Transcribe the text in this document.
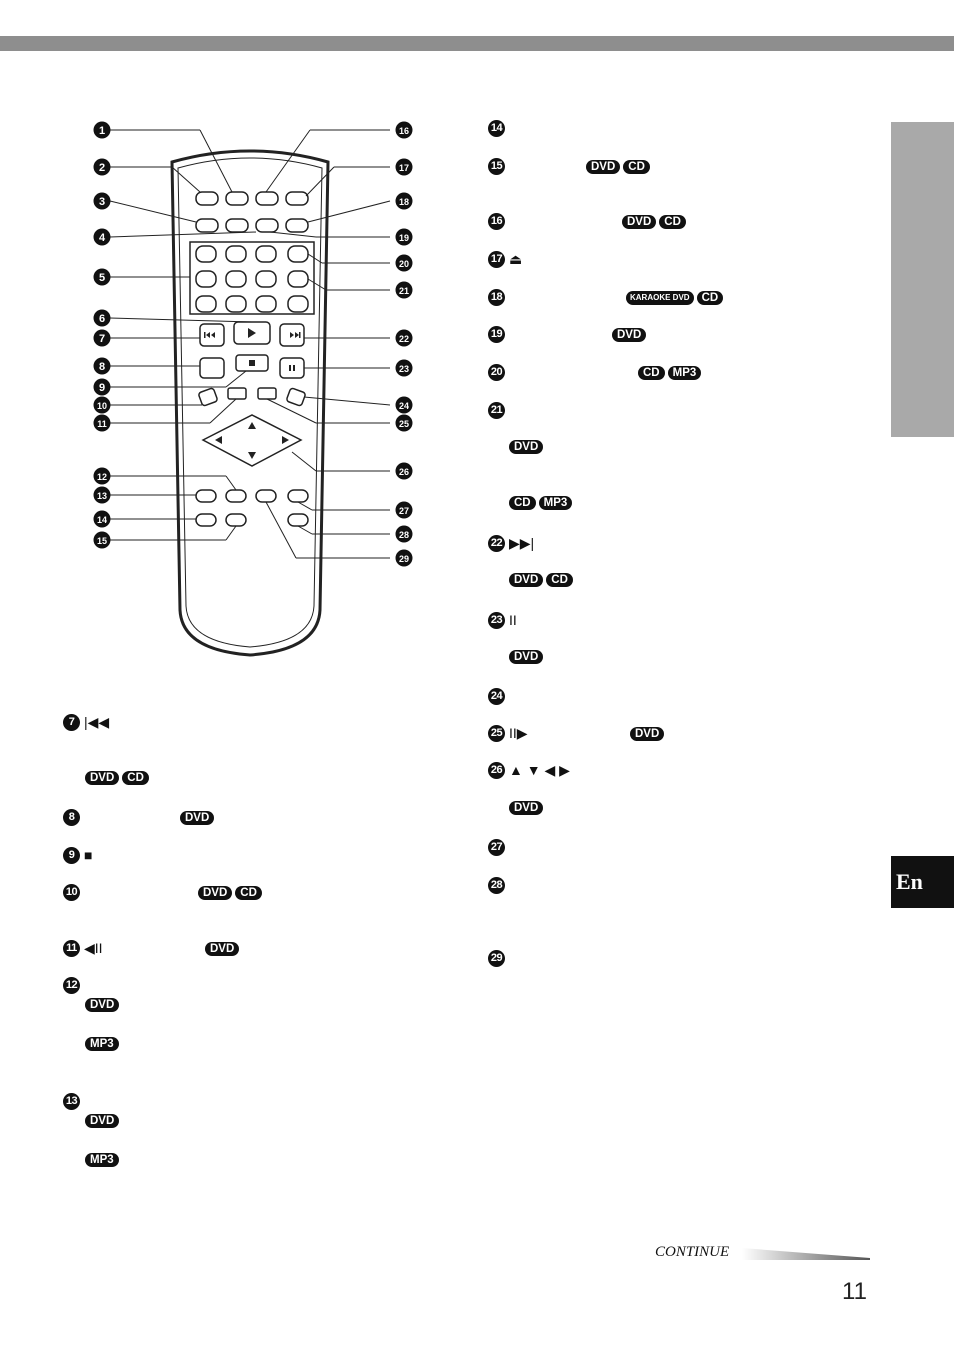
En
1
2
3
4
5
6
7
8
9
10
11
12
13
14
15
16
17
18
19
20
21
22
23
24
25
26
27
28
29
7 |◀◀
DVD	CD
8	DVD
9 ■
10	DVD	CD
11 ◀II	DVD
12
DVD
MP3
13
DVD
MP3
14
15	DVD	CD
16	DVD	CD
17 ⏏
18	KARAOKE DVD	CD
19	DVD
20	CD	MP3
21
DVD
CD	MP3
22 ▶▶|
DVD	CD
23 II
DVD
24
25 II▶	DVD
26 ▲ ▼ ◀ ▶
DVD
27
28
29
CONTINUE
11
